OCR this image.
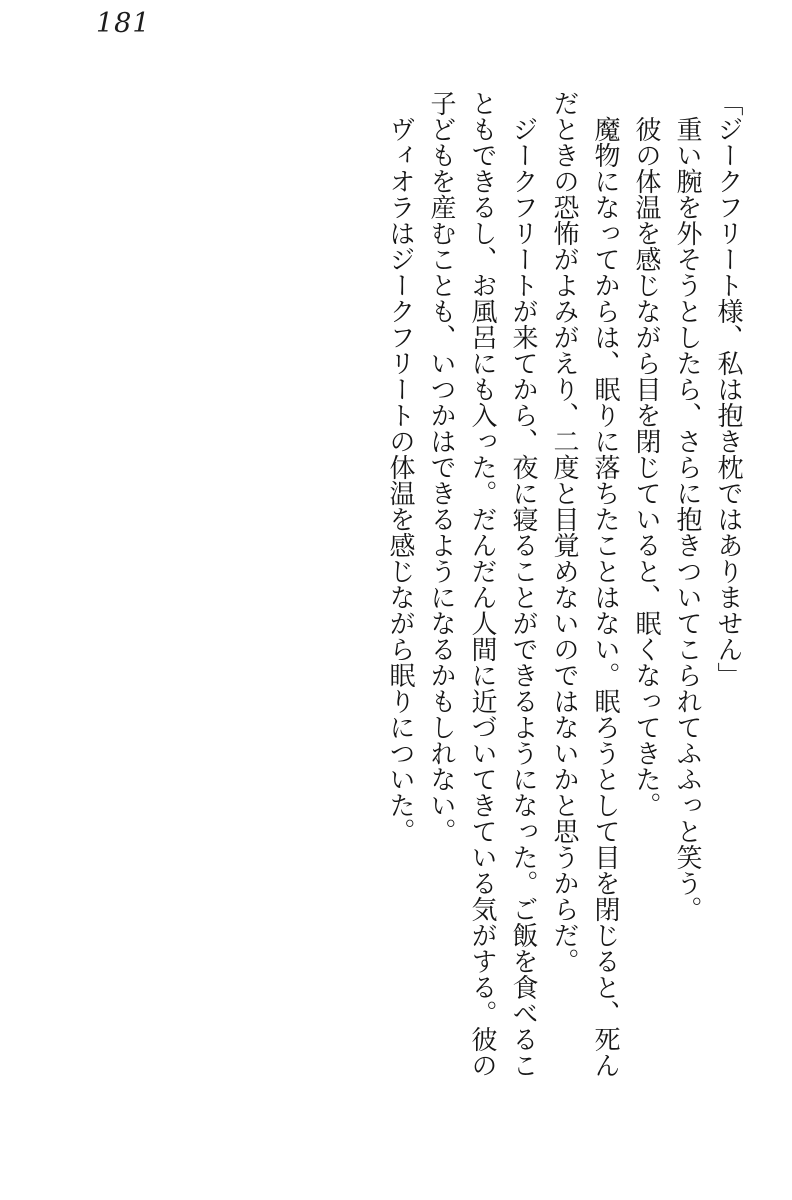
181

「ジークフリート様、私は抱き枕ではありません」

重い腕を外そうとしたら、さらに抱きついてこられてふふっと笑う。

彼の体温を感じながら目を閉じていると、眠くなってきた。

魔物になってからは、眠りに落ちたことはない。眠ろうとして目を閉じると、死んだときの恐怖がよみがえり、二度と目覚めないのではないかと思うからだ。

ジークフリートが来てから、夜に寝ることができるようになった。ご飯を食べることもできるし、お風呂にも入った。だんだん人間に近づいてきている気がする。彼の子どもを産むことも、いつかはできるようになるかもしれない。

ヴィオラはジークフリートの体温を感じながら眠りについた。
